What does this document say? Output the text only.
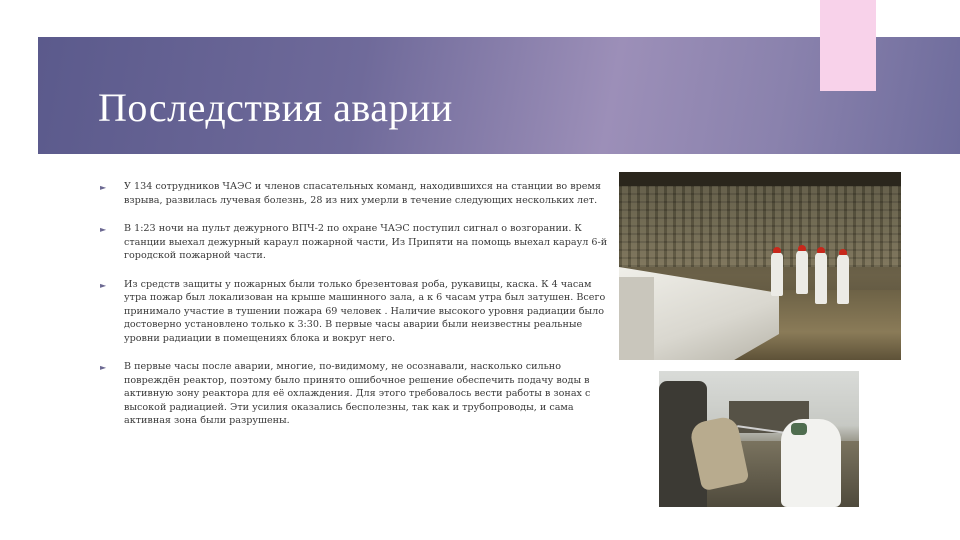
Последствия аварии
► У 134 сотрудников ЧАЭС и членов спасательных команд, находившихся на станции во время взрыва, развилась лучевая болезнь, 28 из них умерли в течение следующих нескольких лет.
► В 1:23 ночи на пульт дежурного ВПЧ-2 по охране ЧАЭС поступил сигнал о возгорании. К станции выехал дежурный караул пожарной части, Из Припяти на помощь выехал караул 6-й городской пожарной части.
► Из средств защиты у пожарных были только брезентовая роба, рукавицы, каска. К 4 часам утра пожар был локализован на крыше машинного зала, а к 6 часам утра был затушен. Всего принимало участие в тушении пожара 69 человек . Наличие высокого уровня радиации было достоверно установлено только к 3:30. В первые часы аварии были неизвестны реальные уровни радиации в помещениях блока и вокруг него.
► В первые часы после аварии, многие, по-видимому, не осознавали, насколько сильно повреждён реактор, поэтому было принято ошибочное решение обеспечить подачу воды в активную зону реактора для её охлаждения. Для этого требовалось вести работы в зонах с высокой радиацией. Эти усилия оказались бесполезны, так как и трубопроводы, и сама активная зона были разрушены.
